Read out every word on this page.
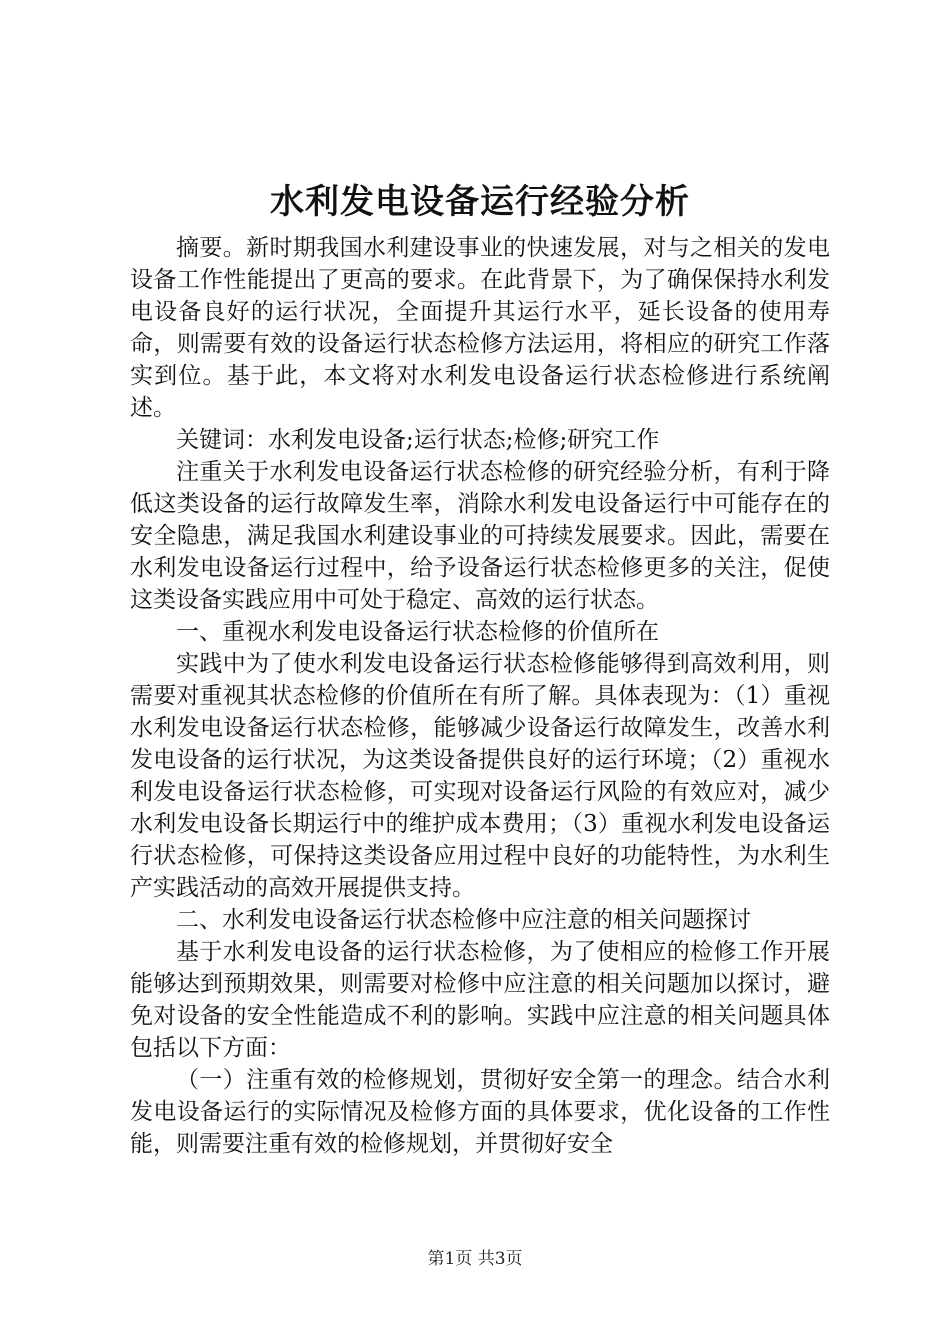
水利发电设备运行经验分析

摘要。新时期我国水利建设事业的快速发展，对与之相关的发电设备工作性能提出了更高的要求。在此背景下，为了确保保持水利发电设备良好的运行状况，全面提升其运行水平，延长设备的使用寿命，则需要有效的设备运行状态检修方法运用，将相应的研究工作落实到位。基于此，本文将对水利发电设备运行状态检修进行系统阐述。

关键词：水利发电设备;运行状态;检修;研究工作

注重关于水利发电设备运行状态检修的研究经验分析，有利于降低这类设备的运行故障发生率，消除水利发电设备运行中可能存在的安全隐患，满足我国水利建设事业的可持续发展要求。因此，需要在水利发电设备运行过程中，给予设备运行状态检修更多的关注，促使这类设备实践应用中可处于稳定、高效的运行状态。

一、重视水利发电设备运行状态检修的价值所在

实践中为了使水利发电设备运行状态检修能够得到高效利用，则需要对重视其状态检修的价值所在有所了解。具体表现为：（1）重视水利发电设备运行状态检修，能够减少设备运行故障发生，改善水利发电设备的运行状况，为这类设备提供良好的运行环境；（2）重视水利发电设备运行状态检修，可实现对设备运行风险的有效应对，减少水利发电设备长期运行中的维护成本费用；（3）重视水利发电设备运行状态检修，可保持这类设备应用过程中良好的功能特性，为水利生产实践活动的高效开展提供支持。

二、水利发电设备运行状态检修中应注意的相关问题探讨

基于水利发电设备的运行状态检修，为了使相应的检修工作开展能够达到预期效果，则需要对检修中应注意的相关问题加以探讨，避免对设备的安全性能造成不利的影响。实践中应注意的相关问题具体包括以下方面：

（一）注重有效的检修规划，贯彻好安全第一的理念。结合水利发电设备运行的实际情况及检修方面的具体要求，优化设备的工作性能，则需要注重有效的检修规划，并贯彻好安全

第1页 共3页
